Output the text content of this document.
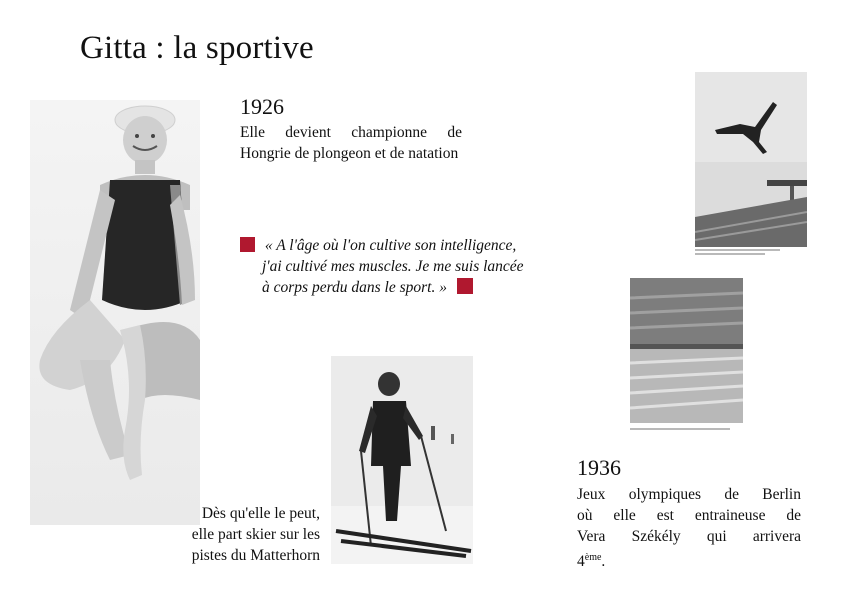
Gitta : la sportive
1926
Elle devient championne de Hongrie de plongeon et de natation
« A l'âge où l'on cultive son intelligence,
j'ai cultivé mes muscles. Je me suis lancée
à corps perdu dans le sport. »
Dès qu'elle le peut,
elle part skier sur les
pistes du Matterhorn
1936
Jeux olympiques de Berlin
où elle est entraineuse de
Vera Székély qui arrivera
4ème.
